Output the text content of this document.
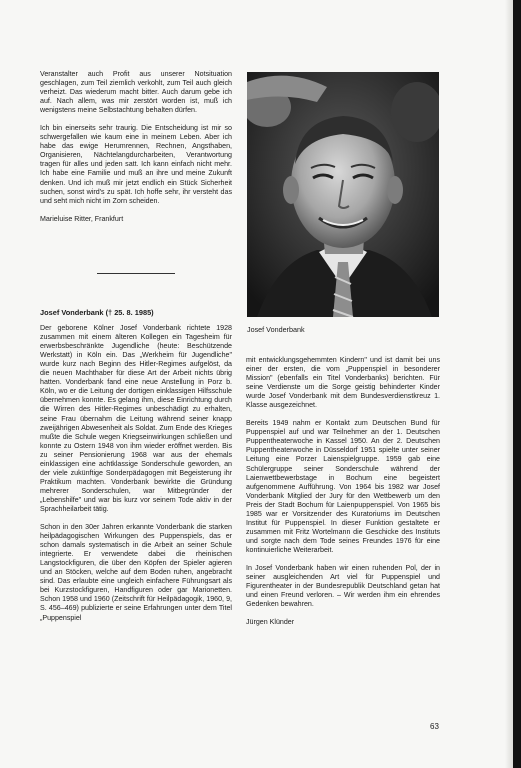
Veranstalter auch Profit aus unserer Notsituation geschlagen, zum Teil ziemlich verkohlt, zum Teil auch gleich verheizt. Das wiederum macht bitter. Auch darum gebe ich auf. Nach allem, was mir zerstört worden ist, muß ich wenigstens meine Selbstachtung behalten dürfen.

Ich bin einerseits sehr traurig. Die Entscheidung ist mir so schwergefallen wie kaum eine in meinem Leben. Aber ich habe das ewige Herumrennen, Rechnen, Angsthaben, Organisieren, Nächtelangdurcharbeiten, Verantwortung tragen für alles und jeden satt. Ich kann einfach nicht mehr. Ich habe eine Familie und muß an ihre und meine Zukunft denken. Und ich muß mir jetzt endlich ein Stück Sicherheit suchen, sonst wird's zu spät. Ich hoffe sehr, ihr versteht das und seht mich nicht im Zorn scheiden.

Marieluise Ritter, Frankfurt

Josef Vonderbank († 25. 8. 1985)

Der geborene Kölner Josef Vonderbank richtete 1928 zusammen mit einem älteren Kollegen ein Tagesheim für erwerbsbeschränkte Jugendliche (heute: Beschützende Werkstatt) in Köln ein. Das „Werkheim für Jugendliche" wurde kurz nach Beginn des Hitler-Regimes aufgelöst, da die neuen Machthaber für diese Art der Arbeit nichts übrig hatten. Vonderbank fand eine neue Anstellung in Porz b. Köln, wo er die Leitung der dortigen einklassigen Hilfsschule übernehmen konnte. Es gelang ihm, diese Einrichtung durch die Wirren des Hitler-Regimes unbeschädigt zu erhalten, seine Frau übernahm die Leitung während seiner knapp zweijährigen Abwesenheit als Soldat. Zum Ende des Krieges mußte die Schule wegen Kriegseinwirkungen schließen und konnte zu Ostern 1948 von ihm wieder eröffnet werden. Bis zu seiner Pensionierung 1968 war aus der ehemals einklassigen eine achtklassige Sonderschule geworden, an der viele zukünftige Sonderpädagogen mit Begeisterung ihr Praktikum machten. Vonderbank bewirkte die Gründung mehrerer Sonderschulen, war Mitbegründer der „Lebenshilfe" und war bis kurz vor seinem Tode aktiv in der Sprachheilarbeit tätig.

Schon in den 30er Jahren erkannte Vonderbank die starken heilpädagogischen Wirkungen des Puppenspiels, das er schon damals systematisch in die Arbeit an seiner Schule integrierte. Er verwendete dabei die rheinischen Langstockfiguren, die über den Köpfen der Spieler agieren und an Stöcken, welche auf dem Boden ruhen, angebracht sind. Das erlaubte eine ungleich einfachere Führungsart als bei Kurzstockfiguren, Handfiguren oder gar Marionetten. Schon 1958 und 1960 (Zeitschrift für Heilpädagogik, 1960, 9, S. 456–469) publizierte er seine Erfahrungen unter dem Titel „Puppenspiel

Josef Vonderbank

mit entwicklungsgehemmten Kindern" und ist damit bei uns einer der ersten, die vom „Puppenspiel in besonderer Mission" (ebenfalls ein Titel Vonderbanks) berichten. Für seine Verdienste um die Sorge geistig behinderter Kinder wurde Josef Vonderbank mit dem Bundesverdienstkreuz 1. Klasse ausgezeichnet.

Bereits 1949 nahm er Kontakt zum Deutschen Bund für Puppenspiel auf und war Teilnehmer an der 1. Deutschen Puppentheaterwoche in Kassel 1950. An der 2. Deutschen Puppentheaterwoche in Düsseldorf 1951 spielte unter seiner Leitung eine Porzer Laienspielgruppe. 1959 gab eine Schülergruppe seiner Sonderschule während der Laienwettbewerbstage in Bochum eine begeistert aufgenommene Aufführung. Von 1964 bis 1982 war Josef Vonderbank Mitglied der Jury für den Wettbewerb um den Preis der Stadt Bochum für Laienpuppenspiel. Von 1965 bis 1985 war er Vorsitzender des Kuratoriums im Deutschen Institut für Puppenspiel. In dieser Funktion gestaltete er zusammen mit Fritz Wortelmann die Geschicke des Instituts und sorgte nach dem Tode seines Freundes 1976 für eine kontinuierliche Weiterarbeit.

In Josef Vonderbank haben wir einen ruhenden Pol, der in seiner ausgleichenden Art viel für Puppenspiel und Figurentheater in der Bundesrepublik Deutschland getan hat und einen Freund verloren. – Wir werden ihm ein ehrendes Gedenken bewahren.

Jürgen Klünder

63
